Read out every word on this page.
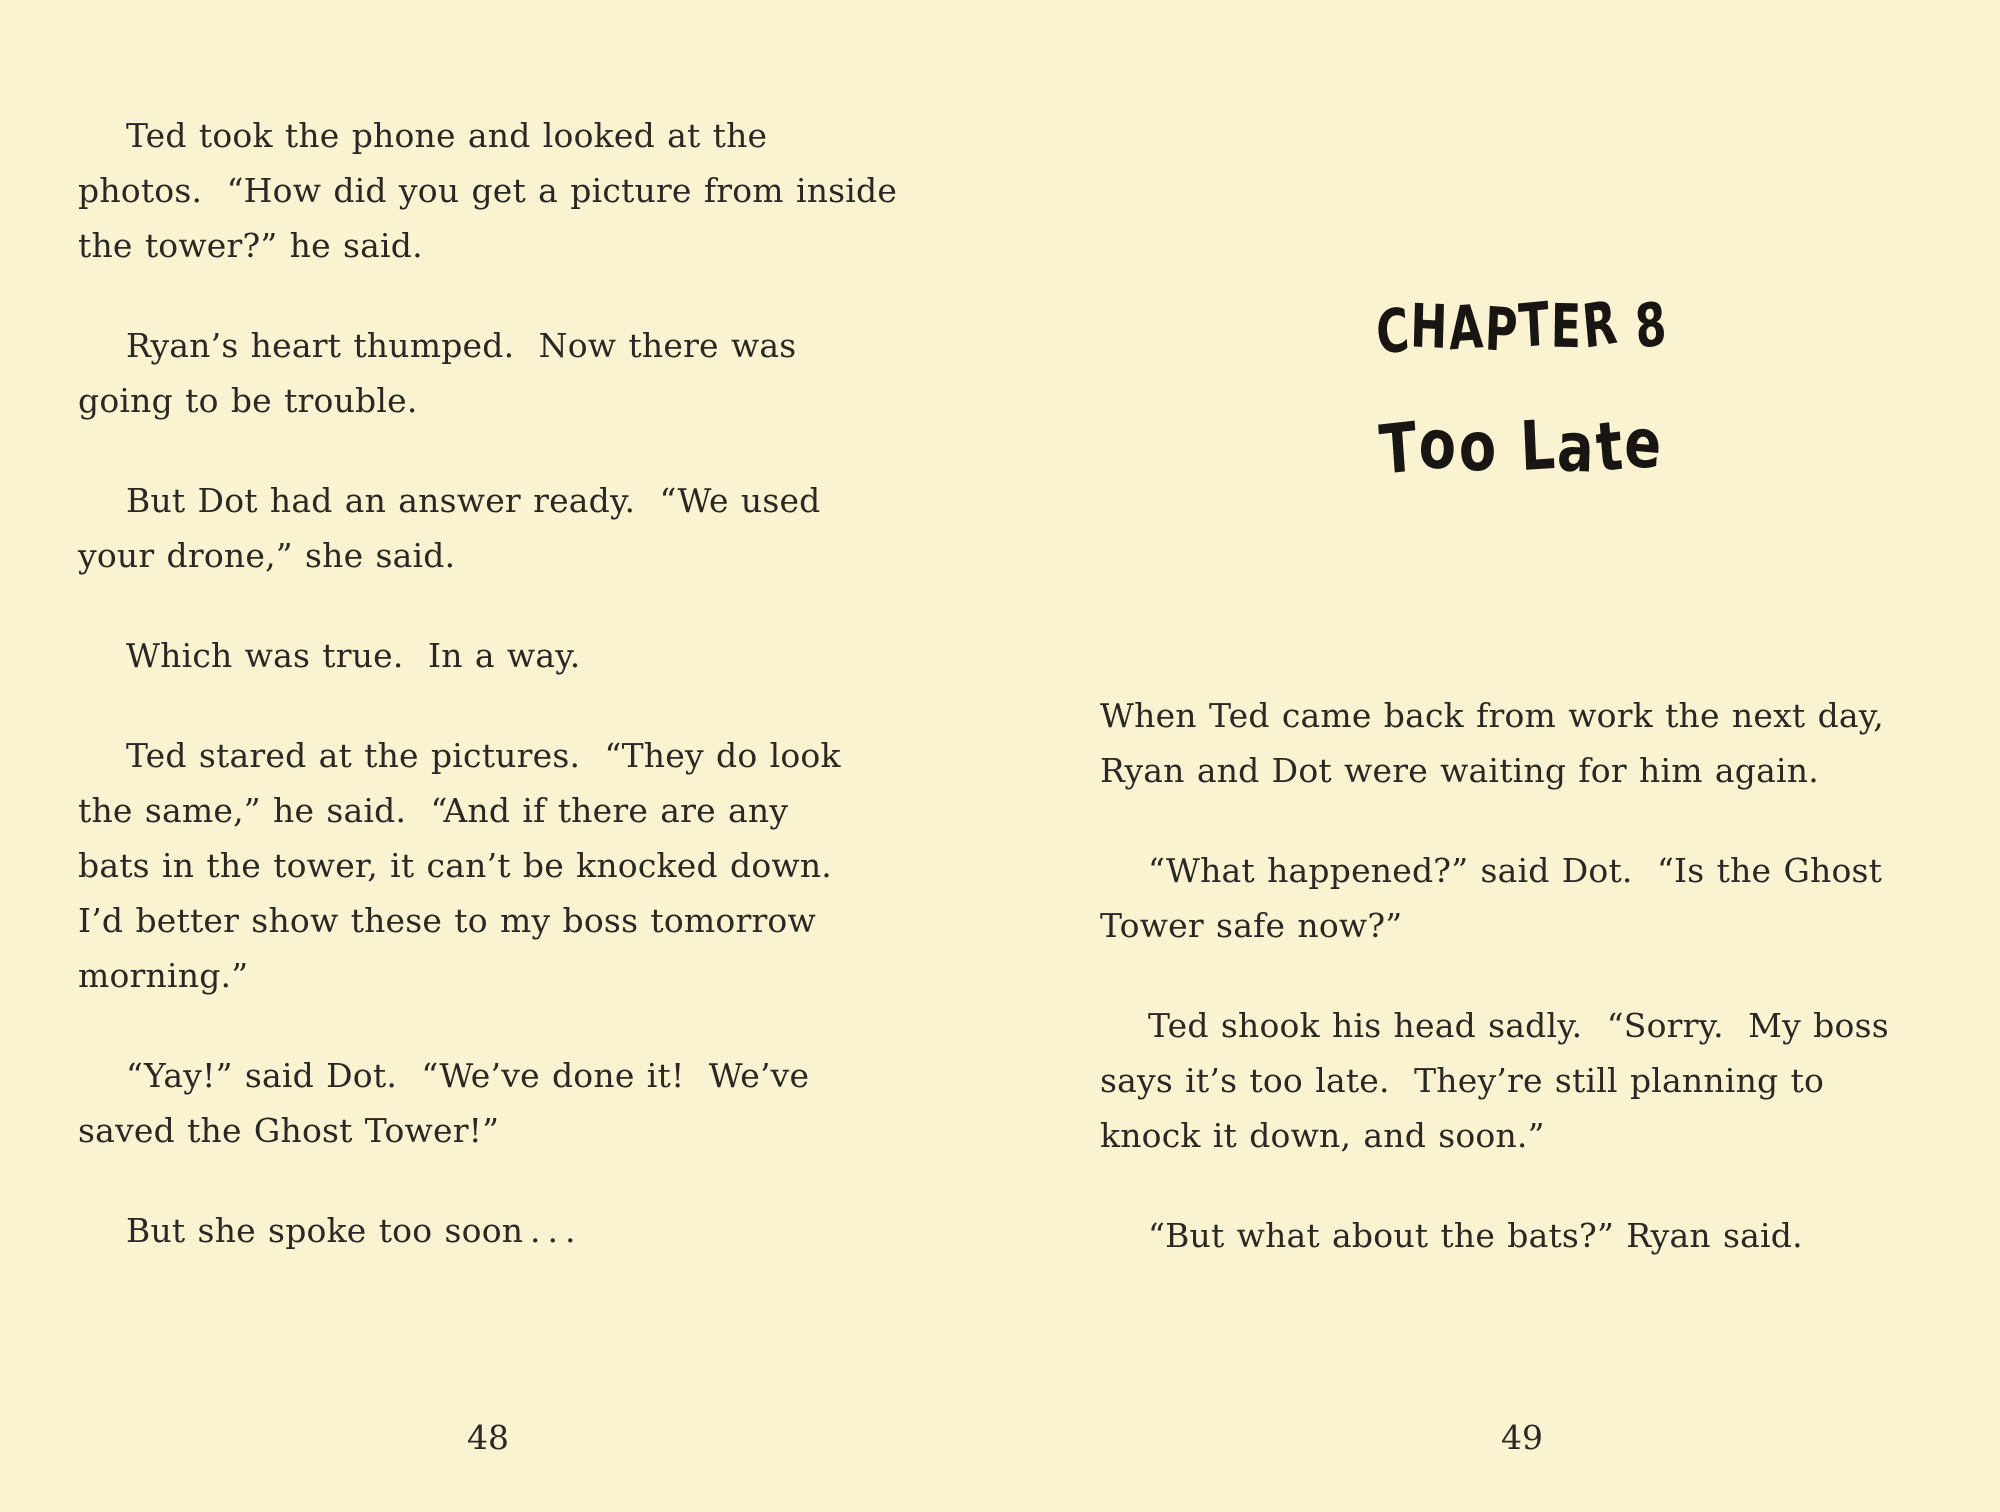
Ted took the phone and looked at the
photos.  “How did you get a picture from inside
the tower?” he said.
Ryan’s heart thumped.  Now there was
going to be trouble.
But Dot had an answer ready.  “We used
your drone,” she said.
Which was true.  In a way.
Ted stared at the pictures.  “They do look
the same,” he said.  “And if there are any
bats in the tower, it can’t be knocked down.
I’d better show these to my boss tomorrow
morning.”
“Yay!” said Dot.  “We’ve done it!  We’ve
saved the Ghost Tower!”
But she spoke too soon . . .
48
CHAPTER 8
Too Late
When Ted came back from work the next day,
Ryan and Dot were waiting for him again.
“What happened?” said Dot.  “Is the Ghost
Tower safe now?”
Ted shook his head sadly.  “Sorry.  My boss
says it’s too late.  They’re still planning to
knock it down, and soon.”
“But what about the bats?” Ryan said.
49
